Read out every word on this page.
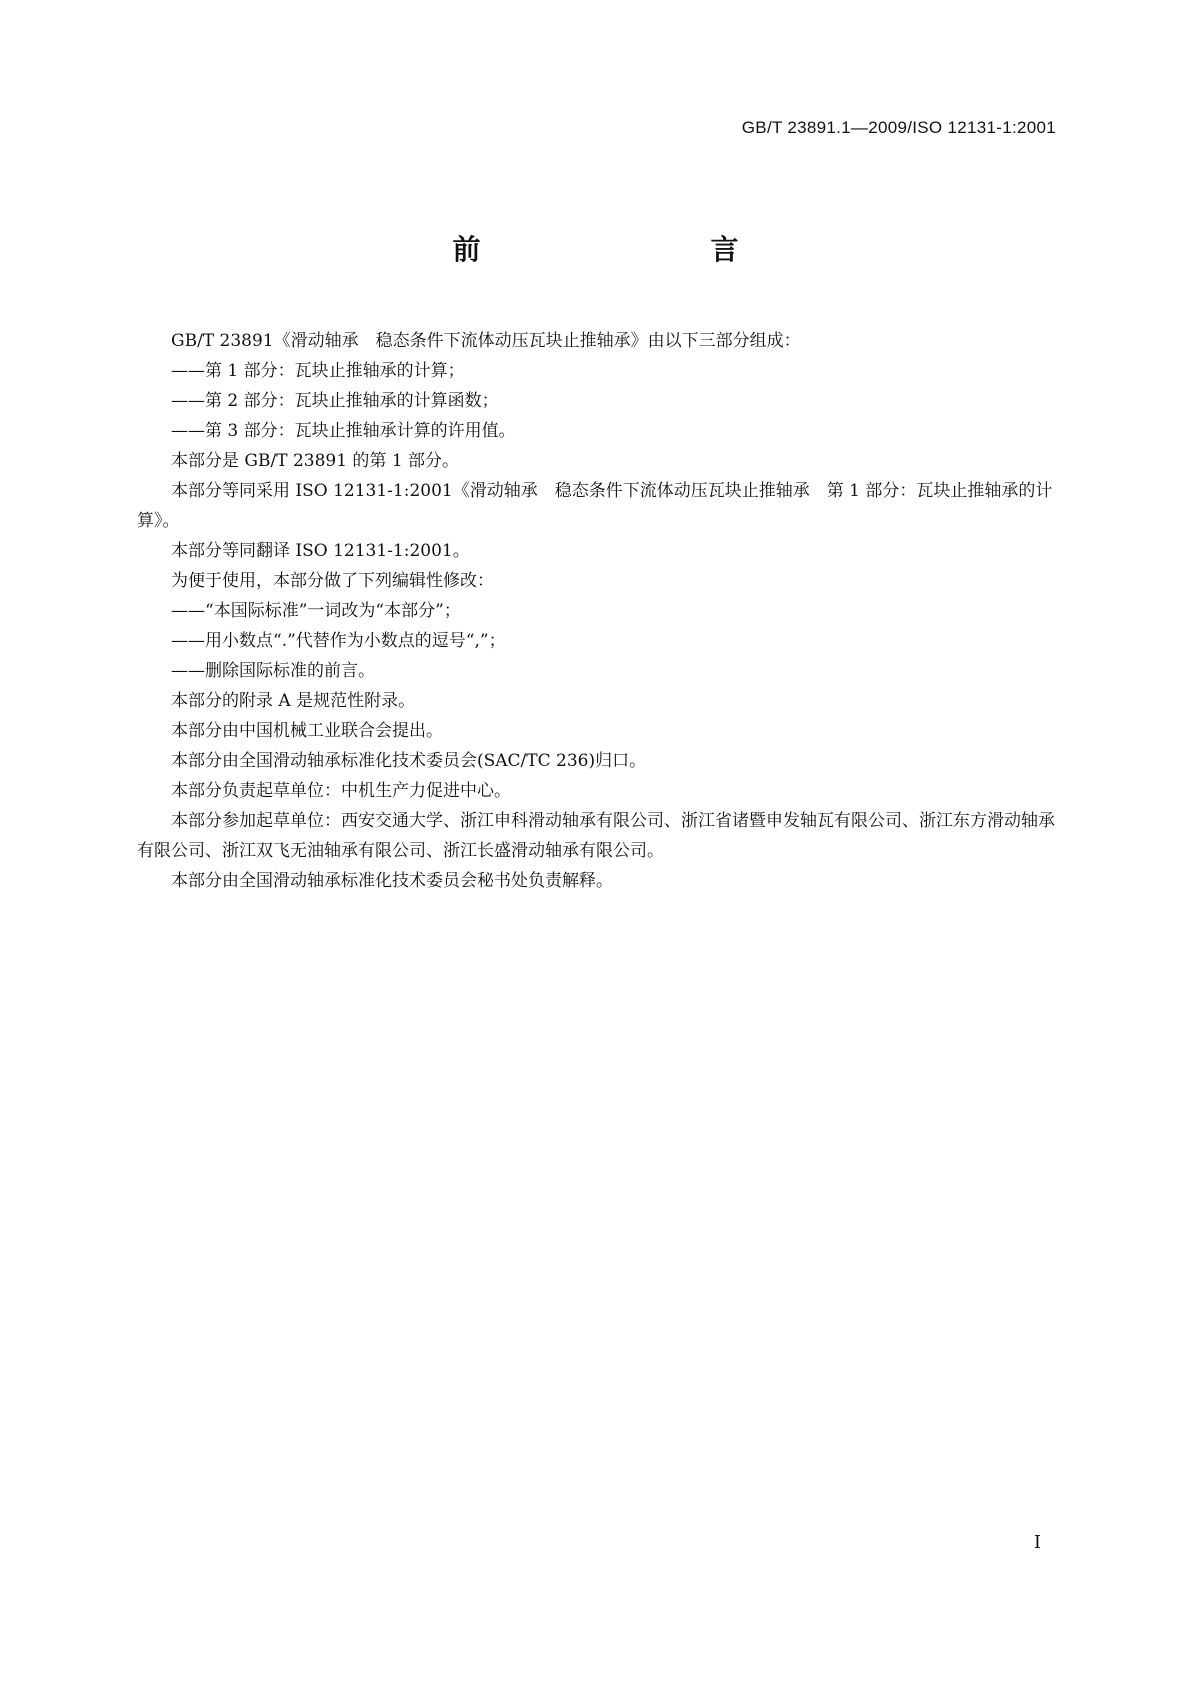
GB/T 23891.1—2009/ISO 12131-1:2001
前　　言

GB/T 23891《滑动轴承　稳态条件下流体动压瓦块止推轴承》由以下三部分组成：

——第 1 部分：瓦块止推轴承的计算；

——第 2 部分：瓦块止推轴承的计算函数；

——第 3 部分：瓦块止推轴承计算的许用值。

本部分是 GB/T 23891 的第 1 部分。

本部分等同采用 ISO 12131-1:2001《滑动轴承　稳态条件下流体动压瓦块止推轴承　第 1 部分：瓦块止推轴承的计算》。

本部分等同翻译 ISO 12131-1:2001。

为便于使用，本部分做了下列编辑性修改：

——“本国际标准”一词改为“本部分”；

——用小数点“.”代替作为小数点的逗号“,”；

——删除国际标准的前言。

本部分的附录 A 是规范性附录。

本部分由中国机械工业联合会提出。

本部分由全国滑动轴承标准化技术委员会(SAC/TC 236)归口。

本部分负责起草单位：中机生产力促进中心。

本部分参加起草单位：西安交通大学、浙江申科滑动轴承有限公司、浙江省诸暨申发轴瓦有限公司、浙江东方滑动轴承有限公司、浙江双飞无油轴承有限公司、浙江长盛滑动轴承有限公司。

本部分由全国滑动轴承标准化技术委员会秘书处负责解释。

I
